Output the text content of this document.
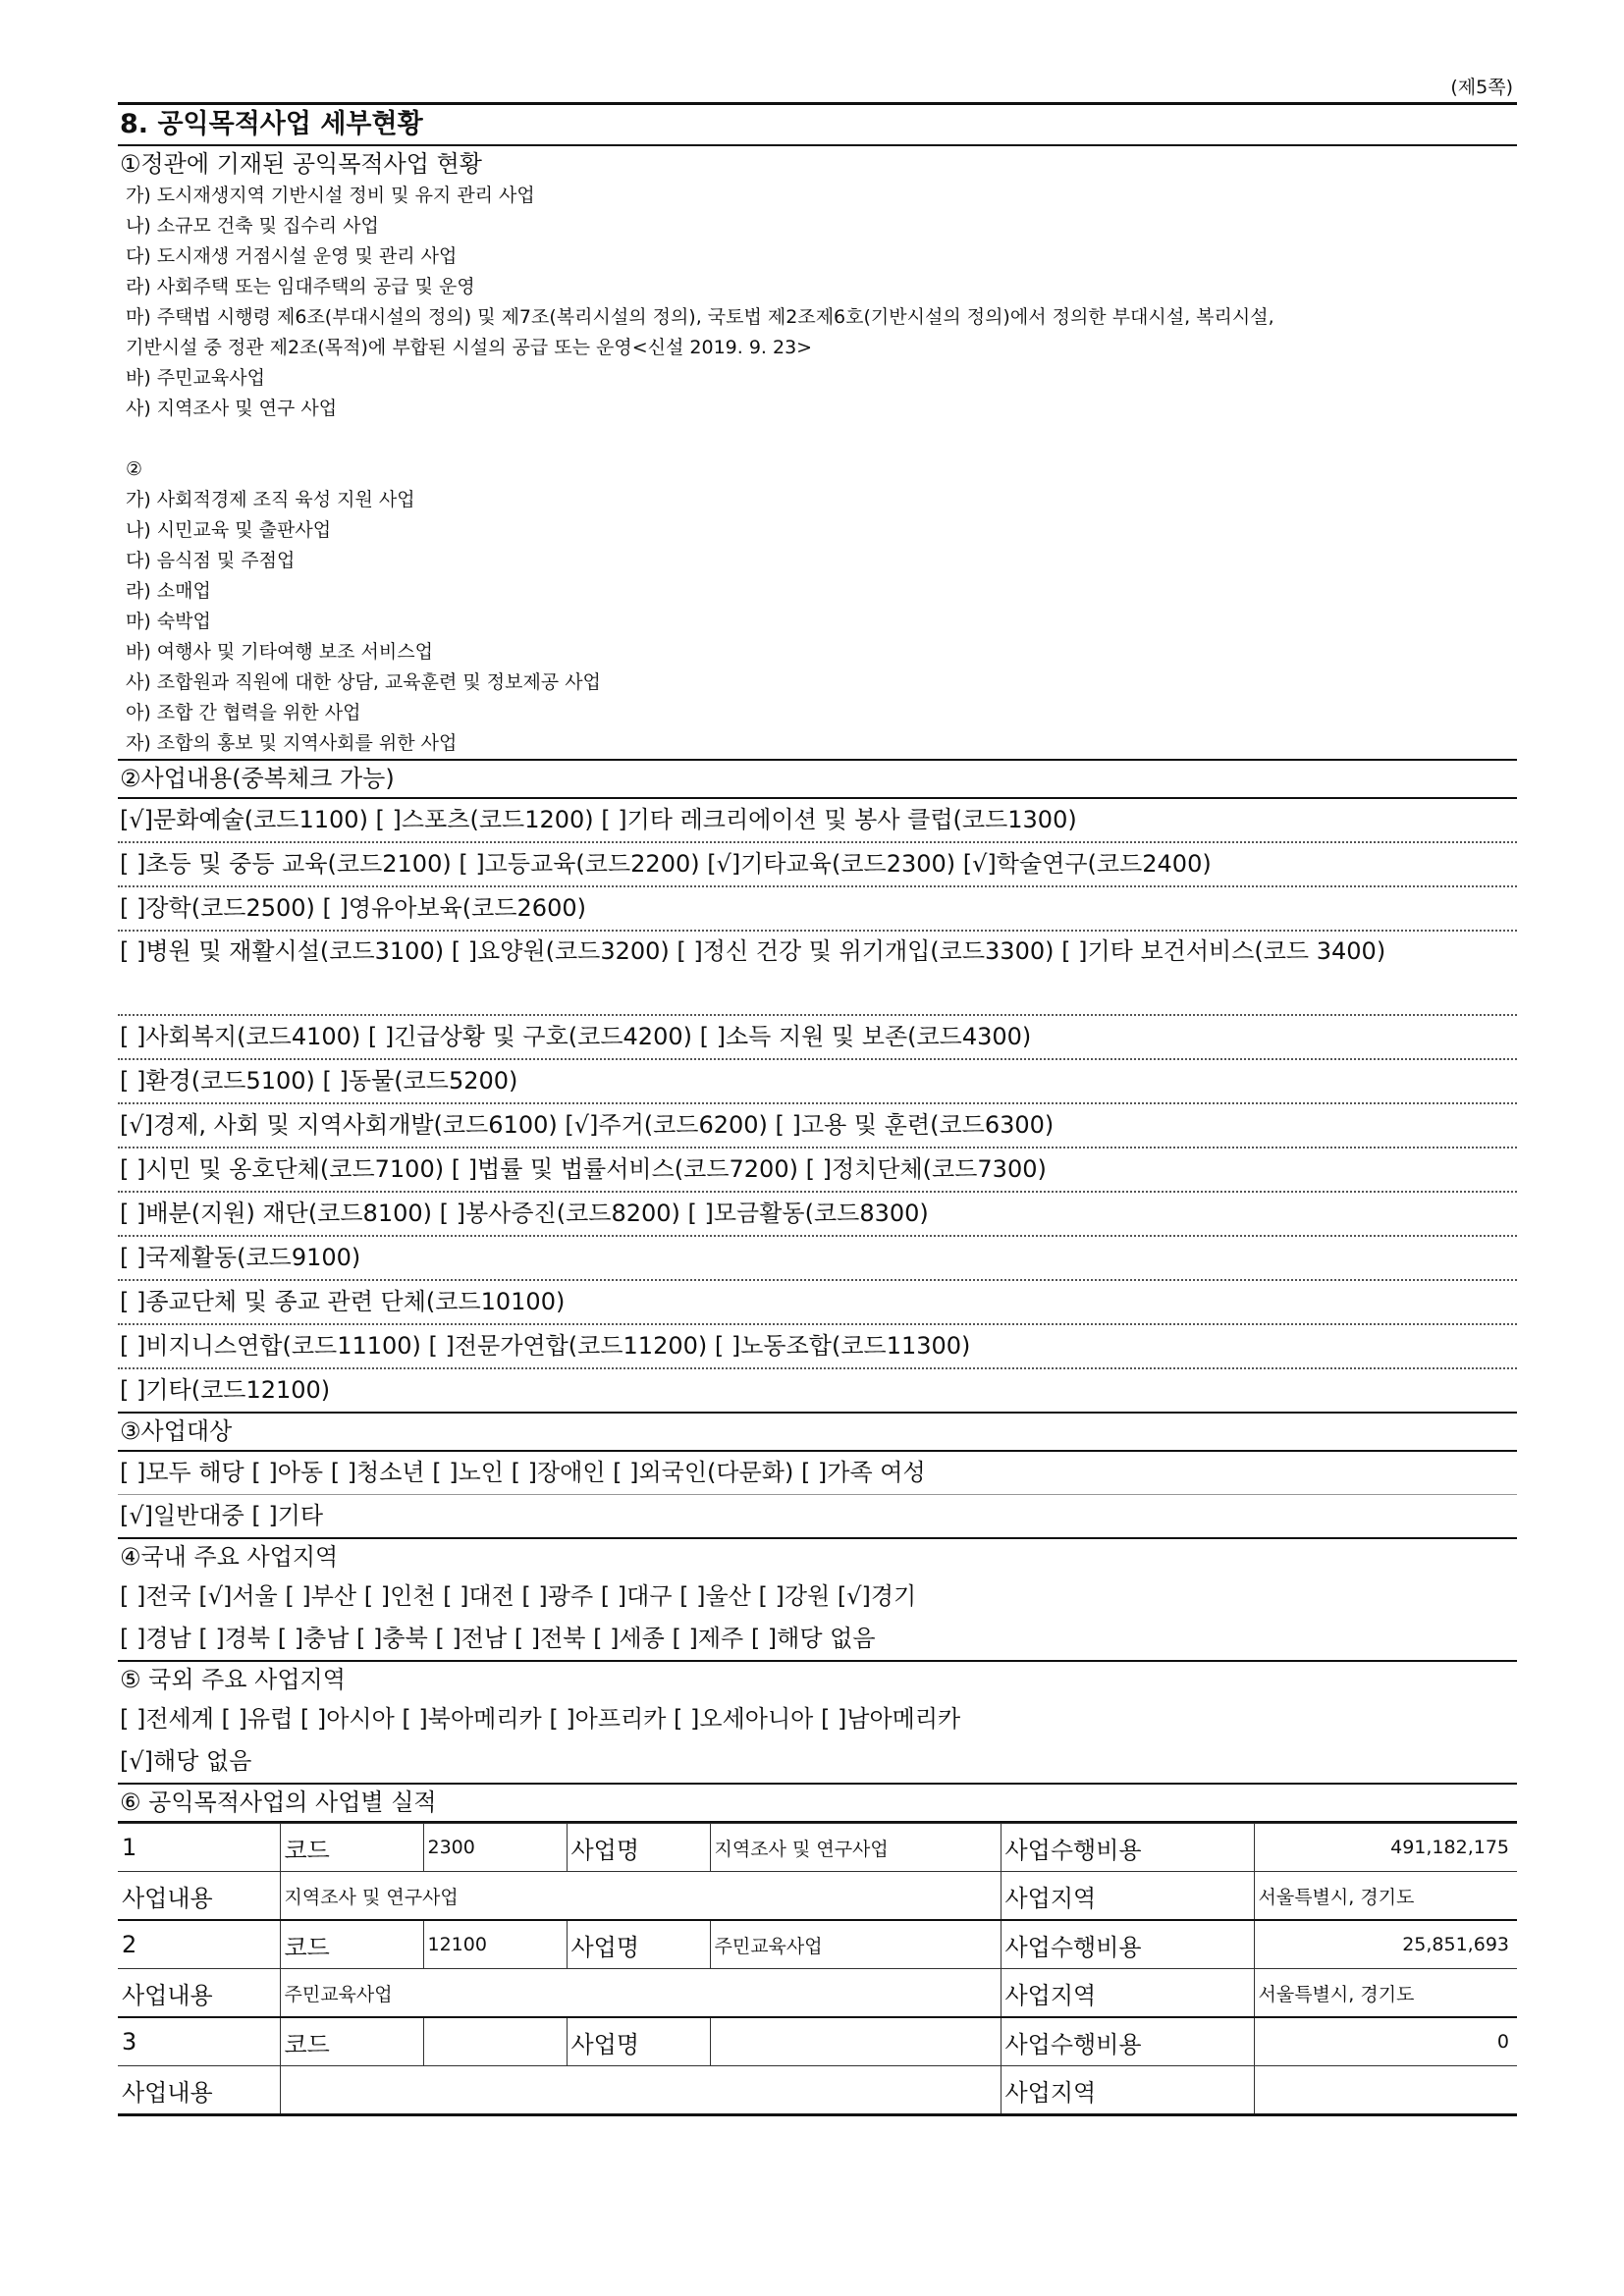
(제5쪽)
8. 공익목적사업 세부현황
①정관에 기재된 공익목적사업 현황
가) 도시재생지역 기반시설 정비 및 유지 관리 사업
나) 소규모 건축 및 집수리 사업
다) 도시재생 거점시설 운영 및 관리 사업
라) 사회주택 또는 임대주택의 공급 및 운영
마) 주택법 시행령 제6조(부대시설의 정의) 및 제7조(복리시설의 정의), 국토법 제2조제6호(기반시설의 정의)에서 정의한 부대시설, 복리시설,
기반시설 중 정관 제2조(목적)에 부합된 시설의 공급 또는 운영<신설 2019. 9. 23>
바) 주민교육사업
사) 지역조사 및 연구 사업
②
가) 사회적경제 조직 육성 지원 사업
나) 시민교육 및 출판사업
다) 음식점 및 주점업
라) 소매업
마) 숙박업
바) 여행사 및 기타여행 보조 서비스업
사) 조합원과 직원에 대한 상담, 교육훈련 및 정보제공 사업
아) 조합 간 협력을 위한 사업
자) 조합의 홍보 및 지역사회를 위한 사업
②사업내용(중복체크 가능)
[√]문화예술(코드1100) [ ]스포츠(코드1200) [ ]기타 레크리에이션 및 봉사 클럽(코드1300)
[ ]초등 및 중등 교육(코드2100) [ ]고등교육(코드2200) [√]기타교육(코드2300) [√]학술연구(코드2400)
[ ]장학(코드2500) [ ]영유아보육(코드2600)
[ ]병원 및 재활시설(코드3100) [ ]요양원(코드3200) [ ]정신 건강 및 위기개입(코드3300) [ ]기타 보건서비스(코드 3400)
[ ]사회복지(코드4100) [ ]긴급상황 및 구호(코드4200) [ ]소득 지원 및 보존(코드4300)
[ ]환경(코드5100) [ ]동물(코드5200)
[√]경제, 사회 및 지역사회개발(코드6100) [√]주거(코드6200) [ ]고용 및 훈련(코드6300)
[ ]시민 및 옹호단체(코드7100) [ ]법률 및 법률서비스(코드7200) [ ]정치단체(코드7300)
[ ]배분(지원) 재단(코드8100) [ ]봉사증진(코드8200) [ ]모금활동(코드8300)
[ ]국제활동(코드9100)
[ ]종교단체 및 종교 관련 단체(코드10100)
[ ]비지니스연합(코드11100) [ ]전문가연합(코드11200) [ ]노동조합(코드11300)
[ ]기타(코드12100)
③사업대상
[ ]모두 해당 [ ]아동 [ ]청소년 [ ]노인 [ ]장애인 [ ]외국인(다문화) [ ]가족 여성
[√]일반대중 [ ]기타
④국내 주요 사업지역
[ ]전국 [√]서울 [ ]부산 [ ]인천 [ ]대전 [ ]광주 [ ]대구 [ ]울산 [ ]강원 [√]경기
[ ]경남 [ ]경북 [ ]충남 [ ]충북 [ ]전남 [ ]전북 [ ]세종 [ ]제주 [ ]해당 없음
⑤ 국외 주요 사업지역
[ ]전세계 [ ]유럽 [ ]아시아 [ ]북아메리카 [ ]아프리카 [ ]오세아니아 [ ]남아메리카
[√]해당 없음
⑥ 공익목적사업의 사업별 실적
1	코드	2300	사업명	지역조사 및 연구사업	사업수행비용	491,182,175
사업내용	지역조사 및 연구사업				사업지역	서울특별시, 경기도
2	코드	12100	사업명	주민교육사업	사업수행비용	25,851,693
사업내용	주민교육사업				사업지역	서울특별시, 경기도
3	코드		사업명		사업수행비용	0
사업내용					사업지역	
